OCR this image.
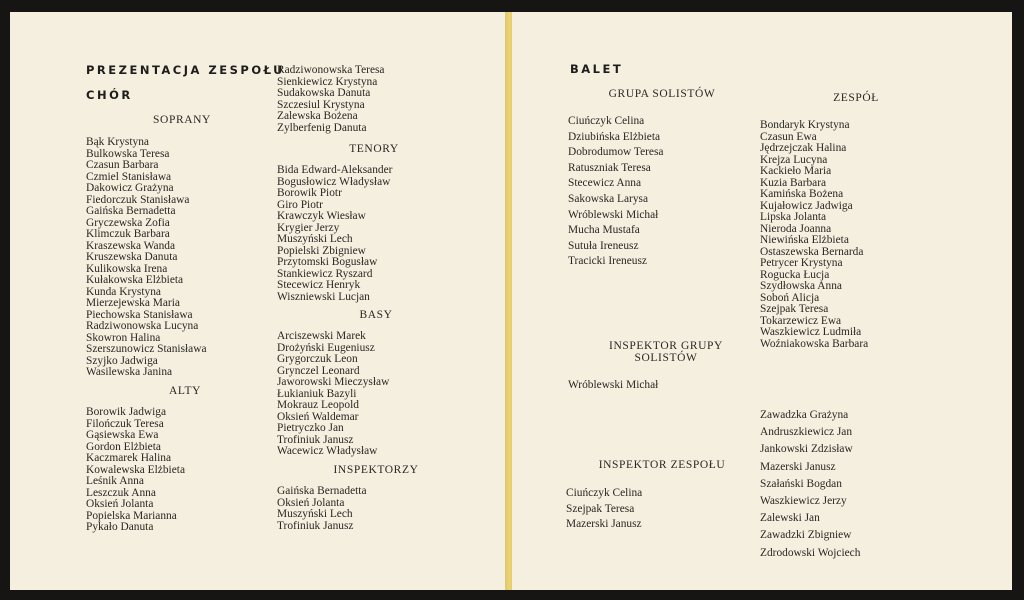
PREZENTACJA ZESPOŁU
CHÓR
SOPRANY
Bąk Krystyna
Bulkowska Teresa
Czasun Barbara
Czmiel Stanisława
Dakowicz Grażyna
Fiedorczuk Stanisława
Gaińska Bernadetta
Gryczewska Zofia
Klimczuk Barbara
Kraszewska Wanda
Kruszewska Danuta
Kulikowska Irena
Kułakowska Elżbieta
Kunda Krystyna
Mierzejewska Maria
Piechowska Stanisława
Radziwonowska Lucyna
Skowron Halina
Szerszunowicz Stanisława
Szyjko Jadwiga
Wasilewska Janina
ALTY
Borowik Jadwiga
Filończuk Teresa
Gąsiewska Ewa
Gordon Elżbieta
Kaczmarek Halina
Kowalewska Elżbieta
Leśnik Anna
Leszczuk Anna
Oksień Jolanta
Popielska Marianna
Pykało Danuta
Radziwonowska Teresa
Sienkiewicz Krystyna
Sudakowska Danuta
Szczesiul Krystyna
Zalewska Bożena
Zylberfenig Danuta
TENORY
Bida Edward-Aleksander
Bogusłowicz Władysław
Borowik Piotr
Giro Piotr
Krawczyk Wiesław
Krygier Jerzy
Muszyński Lech
Popielski Zbigniew
Przytomski Bogusław
Stankiewicz Ryszard
Stecewicz Henryk
Wiszniewski Lucjan
BASY
Arciszewski Marek
Drożyński Eugeniusz
Grygorczuk Leon
Grynczel Leonard
Jaworowski Mieczysław
Łukianiuk Bazyli
Mokrauz Leopold
Oksień Waldemar
Pietryczko Jan
Trofiniuk Janusz
Wacewicz Władysław
INSPEKTORZY
Gaińska Bernadetta
Oksień Jolanta
Muszyński Lech
Trofiniuk Janusz
BALET
GRUPA SOLISTÓW
Ciuńczyk Celina
Dziubińska Elżbieta
Dobrodumow Teresa
Ratuszniak Teresa
Stecewicz Anna
Sakowska Larysa
Wróblewski Michał
Mucha Mustafa
Sutuła Ireneusz
Tracicki Ireneusz
INSPEKTOR GRUPY
SOLISTÓW
Wróblewski Michał
INSPEKTOR ZESPOŁU
Ciuńczyk Celina
Szejpak Teresa
Mazerski Janusz
ZESPÓŁ
Bondaryk Krystyna
Czasun Ewa
Jędrzejczak Halina
Krejza Lucyna
Kackieło Maria
Kuzia Barbara
Kamińska Bożena
Kujałowicz Jadwiga
Lipska Jolanta
Nieroda Joanna
Niewińska Elżbieta
Ostaszewska Bernarda
Petrycer Krystyna
Rogucka Łucja
Szydłowska Anna
Soboń Alicja
Szejpak Teresa
Tokarzewicz Ewa
Waszkiewicz Ludmiła
Woźniakowska Barbara
Zawadzka Grażyna
Andruszkiewicz Jan
Jankowski Zdzisław
Mazerski Janusz
Szałański Bogdan
Waszkiewicz Jerzy
Zalewski Jan
Zawadzki Zbigniew
Zdrodowski Wojciech
